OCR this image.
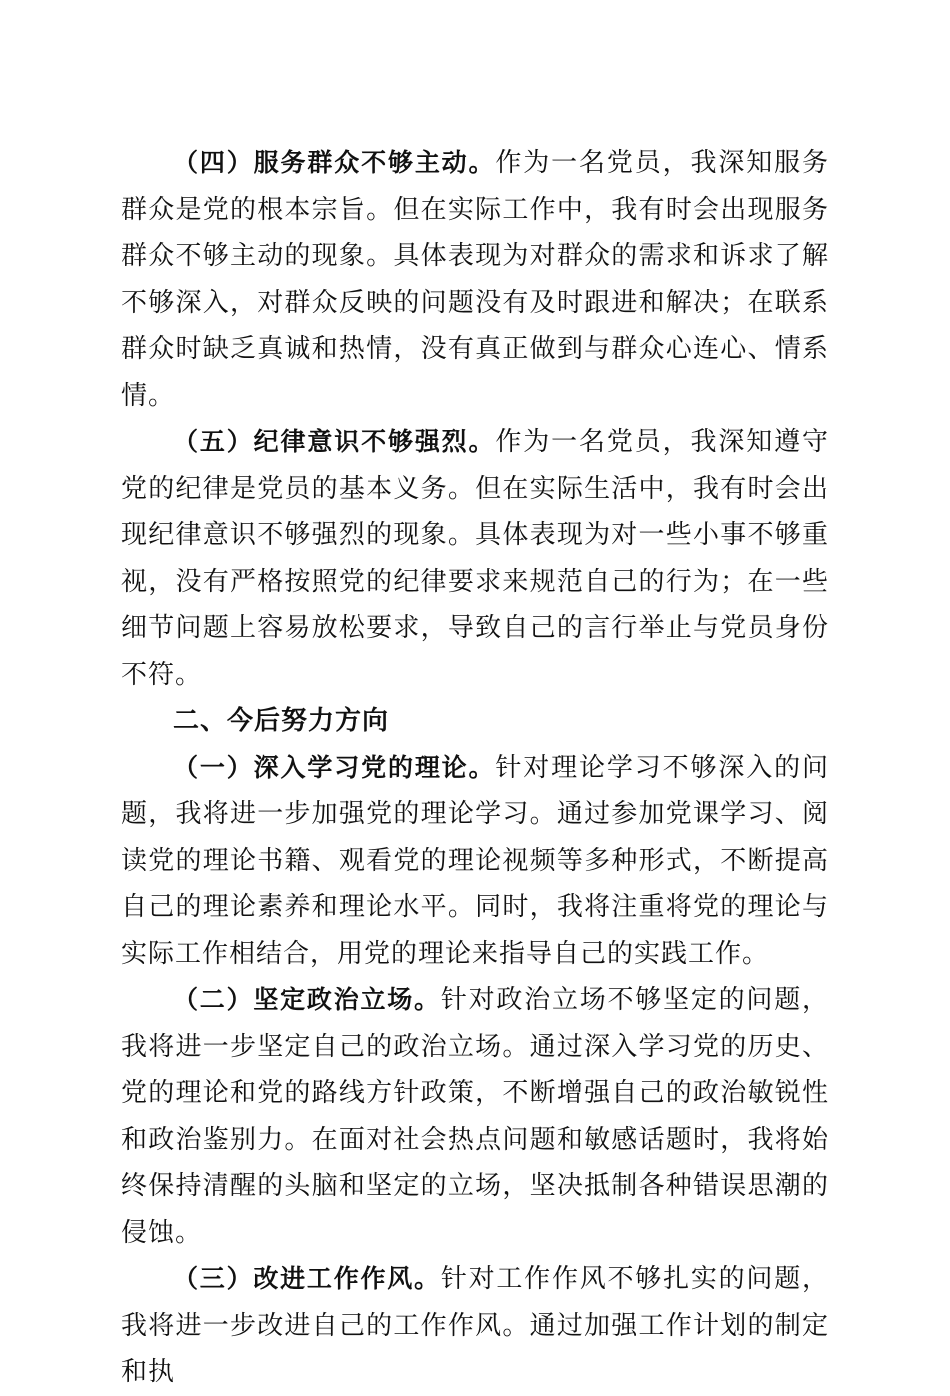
（四）服务群众不够主动。作为一名党员，我深知服务群众是党的根本宗旨。但在实际工作中，我有时会出现服务群众不够主动的现象。具体表现为对群众的需求和诉求了解不够深入，对群众反映的问题没有及时跟进和解决；在联系群众时缺乏真诚和热情，没有真正做到与群众心连心、情系情。

（五）纪律意识不够强烈。作为一名党员，我深知遵守党的纪律是党员的基本义务。但在实际生活中，我有时会出现纪律意识不够强烈的现象。具体表现为对一些小事不够重视，没有严格按照党的纪律要求来规范自己的行为；在一些细节问题上容易放松要求，导致自己的言行举止与党员身份不符。

二、今后努力方向

（一）深入学习党的理论。针对理论学习不够深入的问题，我将进一步加强党的理论学习。通过参加党课学习、阅读党的理论书籍、观看党的理论视频等多种形式，不断提高自己的理论素养和理论水平。同时，我将注重将党的理论与实际工作相结合，用党的理论来指导自己的实践工作。

（二）坚定政治立场。针对政治立场不够坚定的问题，我将进一步坚定自己的政治立场。通过深入学习党的历史、党的理论和党的路线方针政策，不断增强自己的政治敏锐性和政治鉴别力。在面对社会热点问题和敏感话题时，我将始终保持清醒的头脑和坚定的立场，坚决抵制各种错误思潮的侵蚀。

（三）改进工作作风。针对工作作风不够扎实的问题，我将进一步改进自己的工作作风。通过加强工作计划的制定和执
